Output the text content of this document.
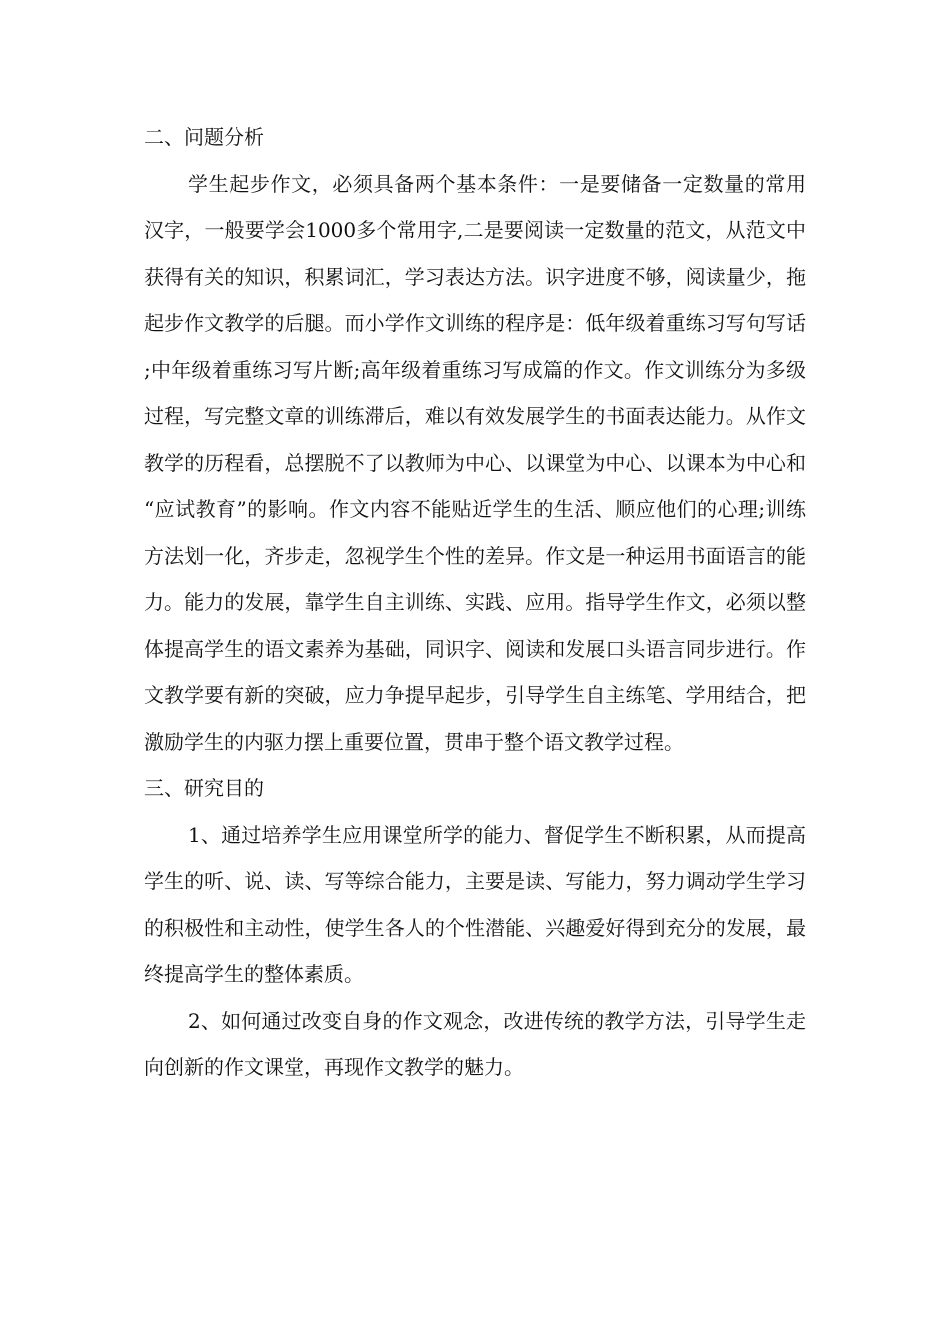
二、问题分析

学生起步作文，必须具备两个基本条件：一是要储备一定数量的常用汉字，一般要学会1000多个常用字,二是要阅读一定数量的范文，从范文中获得有关的知识，积累词汇，学习表达方法。识字进度不够，阅读量少，拖起步作文教学的后腿。而小学作文训练的程序是：低年级着重练习写句写话;中年级着重练习写片断;高年级着重练习写成篇的作文。作文训练分为多级过程，写完整文章的训练滞后，难以有效发展学生的书面表达能力。从作文教学的历程看，总摆脱不了以教师为中心、以课堂为中心、以课本为中心和“应试教育”的影响。作文内容不能贴近学生的生活、顺应他们的心理;训练方法划一化，齐步走，忽视学生个性的差异。作文是一种运用书面语言的能力。能力的发展，靠学生自主训练、实践、应用。指导学生作文，必须以整体提高学生的语文素养为基础，同识字、阅读和发展口头语言同步进行。作文教学要有新的突破，应力争提早起步，引导学生自主练笔、学用结合，把激励学生的内驱力摆上重要位置，贯串于整个语文教学过程。

三、研究目的

1、通过培养学生应用课堂所学的能力、督促学生不断积累，从而提高学生的听、说、读、写等综合能力，主要是读、写能力，努力调动学生学习的积极性和主动性，使学生各人的个性潜能、兴趣爱好得到充分的发展，最终提高学生的整体素质。

2、如何通过改变自身的作文观念，改进传统的教学方法，引导学生走向创新的作文课堂，再现作文教学的魅力。
